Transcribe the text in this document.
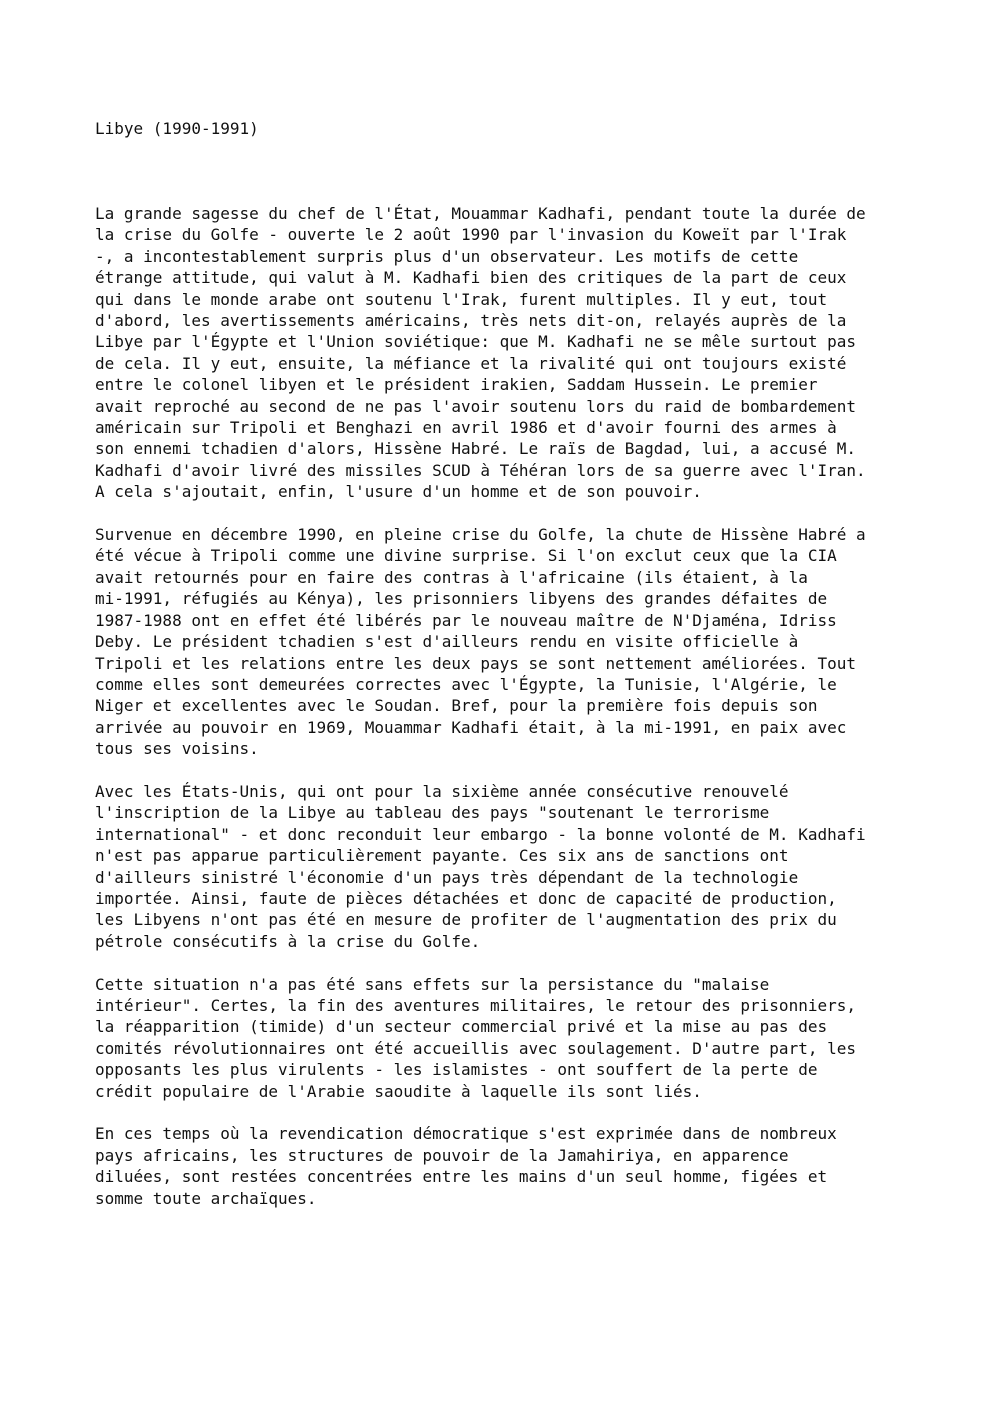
Libye (1990-1991)
La grande sagesse du chef de l'État, Mouammar Kadhafi, pendant toute la durée de
la crise du Golfe - ouverte le 2 août 1990 par l'invasion du Koweït par l'Irak
-, a incontestablement surpris plus d'un observateur. Les motifs de cette
étrange attitude, qui valut à M. Kadhafi bien des critiques de la part de ceux
qui dans le monde arabe ont soutenu l'Irak, furent multiples. Il y eut, tout
d'abord, les avertissements américains, très nets dit-on, relayés auprès de la
Libye par l'Égypte et l'Union soviétique: que M. Kadhafi ne se mêle surtout pas
de cela. Il y eut, ensuite, la méfiance et la rivalité qui ont toujours existé
entre le colonel libyen et le président irakien, Saddam Hussein. Le premier
avait reproché au second de ne pas l'avoir soutenu lors du raid de bombardement
américain sur Tripoli et Benghazi en avril 1986 et d'avoir fourni des armes à
son ennemi tchadien d'alors, Hissène Habré. Le raïs de Bagdad, lui, a accusé M.
Kadhafi d'avoir livré des missiles SCUD à Téhéran lors de sa guerre avec l'Iran.
A cela s'ajoutait, enfin, l'usure d'un homme et de son pouvoir.
Survenue en décembre 1990, en pleine crise du Golfe, la chute de Hissène Habré a
été vécue à Tripoli comme une divine surprise. Si l'on exclut ceux que la CIA
avait retournés pour en faire des contras à l'africaine (ils étaient, à la
mi-1991, réfugiés au Kénya), les prisonniers libyens des grandes défaites de
1987-1988 ont en effet été libérés par le nouveau maître de N'Djaména, Idriss
Deby. Le président tchadien s'est d'ailleurs rendu en visite officielle à
Tripoli et les relations entre les deux pays se sont nettement améliorées. Tout
comme elles sont demeurées correctes avec l'Égypte, la Tunisie, l'Algérie, le
Niger et excellentes avec le Soudan. Bref, pour la première fois depuis son
arrivée au pouvoir en 1969, Mouammar Kadhafi était, à la mi-1991, en paix avec
tous ses voisins.
Avec les États-Unis, qui ont pour la sixième année consécutive renouvelé
l'inscription de la Libye au tableau des pays "soutenant le terrorisme
international" - et donc reconduit leur embargo - la bonne volonté de M. Kadhafi
n'est pas apparue particulièrement payante. Ces six ans de sanctions ont
d'ailleurs sinistré l'économie d'un pays très dépendant de la technologie
importée. Ainsi, faute de pièces détachées et donc de capacité de production,
les Libyens n'ont pas été en mesure de profiter de l'augmentation des prix du
pétrole consécutifs à la crise du Golfe.
Cette situation n'a pas été sans effets sur la persistance du "malaise
intérieur". Certes, la fin des aventures militaires, le retour des prisonniers,
la réapparition (timide) d'un secteur commercial privé et la mise au pas des
comités révolutionnaires ont été accueillis avec soulagement. D'autre part, les
opposants les plus virulents - les islamistes - ont souffert de la perte de
crédit populaire de l'Arabie saoudite à laquelle ils sont liés.
En ces temps où la revendication démocratique s'est exprimée dans de nombreux
pays africains, les structures de pouvoir de la Jamahiriya, en apparence
diluées, sont restées concentrées entre les mains d'un seul homme, figées et
somme toute archaïques.
